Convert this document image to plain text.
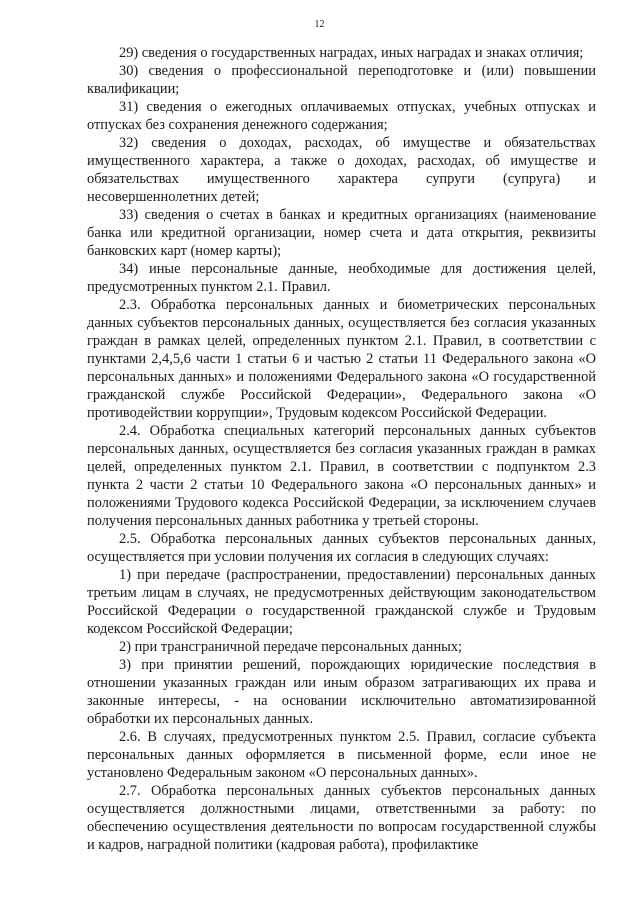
12

29) сведения о государственных наградах, иных наградах и знаках отличия;

30) сведения о профессиональной переподготовке и (или) повышении квалификации;

31) сведения о ежегодных оплачиваемых отпусках, учебных отпусках и отпусках без сохранения денежного содержания;

32) сведения о доходах, расходах, об имуществе и обязательствах имущественного характера, а также о доходах, расходах, об имуществе и обязательствах имущественного характера супруги (супруга) и несовершеннолетних детей;

33) сведения о счетах в банках и кредитных организациях (наименование банка или кредитной организации, номер счета и дата открытия, реквизиты банковских карт (номер карты);

34) иные персональные данные, необходимые для достижения целей, предусмотренных пунктом 2.1. Правил.

2.3. Обработка персональных данных и биометрических персональных данных субъектов персональных данных, осуществляется без согласия указанных граждан в рамках целей, определенных пунктом 2.1. Правил, в соответствии с пунктами 2,4,5,6 части 1 статьи 6 и частью 2 статьи 11 Федерального закона «О персональных данных» и положениями Федерального закона «О государственной гражданской службе Российской Федерации», Федерального закона «О противодействии коррупции», Трудовым кодексом Российской Федерации.

2.4. Обработка специальных категорий персональных данных субъектов персональных данных, осуществляется без согласия указанных граждан в рамках целей, определенных пунктом 2.1. Правил, в соответствии с подпунктом 2.3 пункта 2 части 2 статьи 10 Федерального закона «О персональных данных» и положениями Трудового кодекса Российской Федерации, за исключением случаев получения персональных данных работника у третьей стороны.

2.5. Обработка персональных данных субъектов персональных данных, осуществляется при условии получения их согласия в следующих случаях:

1) при передаче (распространении, предоставлении) персональных данных третьим лицам в случаях, не предусмотренных действующим законодательством Российской Федерации о государственной гражданской службе и Трудовым кодексом Российской Федерации;

2) при трансграничной передаче персональных данных;

3) при принятии решений, порождающих юридические последствия в отношении указанных граждан или иным образом затрагивающих их права и законные интересы, - на основании исключительно автоматизированной обработки их персональных данных.

2.6. В случаях, предусмотренных пунктом 2.5. Правил, согласие субъекта персональных данных оформляется в письменной форме, если иное не установлено Федеральным законом «О персональных данных».

2.7. Обработка персональных данных субъектов персональных данных осуществляется должностными лицами, ответственными за работу: по обеспечению осуществления деятельности по вопросам государственной службы и кадров, наградной политики (кадровая работа), профилактике
